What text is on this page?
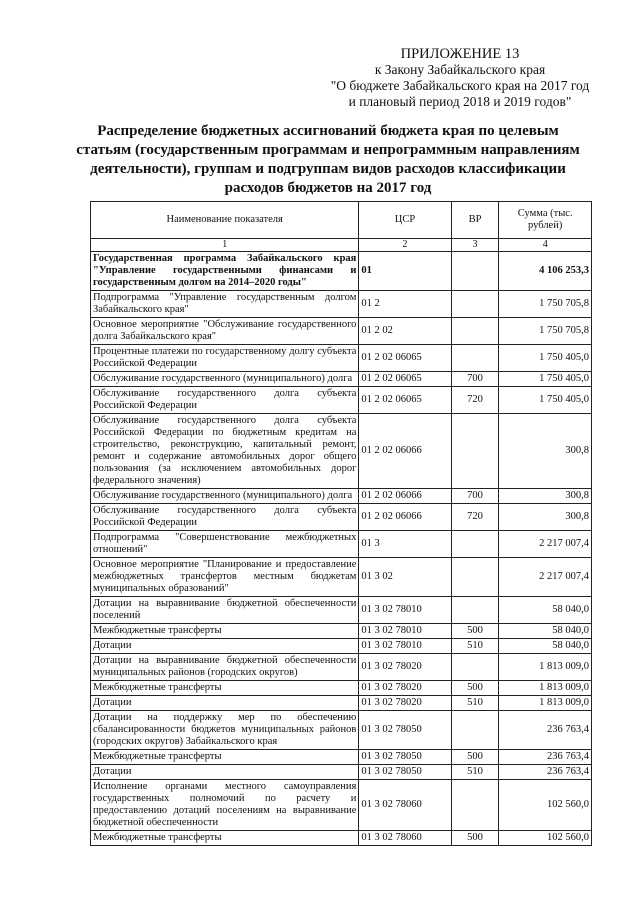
ПРИЛОЖЕНИЕ 13
к Закону Забайкальского края
"О бюджете Забайкальского края на 2017 год
и плановый период 2018 и 2019 годов"
Распределение бюджетных ассигнований бюджета края по целевым статьям (государственным программам и непрограммным направлениям деятельности), группам и подгруппам видов расходов классификации расходов бюджетов на 2017 год
Наименование показателя	ЦСР	ВР	Сумма (тыс. рублей)
1	2	3	4
Государственная программа Забайкальского края "Управление государственными финансами и государственным долгом на 2014–2020 годы"	01		4 106 253,3
Подпрограмма "Управление государственным долгом Забайкальского края"	01 2		1 750 705,8
Основное мероприятие "Обслуживание государственного долга Забайкальского края"	01 2 02		1 750 705,8
Процентные платежи по государственному долгу субъекта Российской Федерации	01 2 02 06065		1 750 405,0
Обслуживание государственного (муниципального) долга	01 2 02 06065	700	1 750 405,0
Обслуживание государственного долга субъекта Российской Федерации	01 2 02 06065	720	1 750 405,0
Обслуживание государственного долга субъекта Российской Федерации по бюджетным кредитам на строительство, реконструкцию, капитальный ремонт, ремонт и содержание автомобильных дорог общего пользования (за исключением автомобильных дорог федерального значения)	01 2 02 06066		300,8
Обслуживание государственного (муниципального) долга	01 2 02 06066	700	300,8
Обслуживание государственного долга субъекта Российской Федерации	01 2 02 06066	720	300,8
Подпрограмма "Совершенствование межбюджетных отношений"	01 3		2 217 007,4
Основное мероприятие "Планирование и предоставление межбюджетных трансфертов местным бюджетам муниципальных образований"	01 3 02		2 217 007,4
Дотации на выравнивание бюджетной обеспеченности поселений	01 3 02 78010		58 040,0
Межбюджетные трансферты	01 3 02 78010	500	58 040,0
Дотации	01 3 02 78010	510	58 040,0
Дотации на выравнивание бюджетной обеспеченности муниципальных районов (городских округов)	01 3 02 78020		1 813 009,0
Межбюджетные трансферты	01 3 02 78020	500	1 813 009,0
Дотации	01 3 02 78020	510	1 813 009,0
Дотации на поддержку мер по обеспечению сбалансированности бюджетов муниципальных районов (городских округов) Забайкальского края	01 3 02 78050		236 763,4
Межбюджетные трансферты	01 3 02 78050	500	236 763,4
Дотации	01 3 02 78050	510	236 763,4
Исполнение органами местного самоуправления государственных полномочий по расчету и предоставлению дотаций поселениям на выравнивание бюджетной обеспеченности	01 3 02 78060		102 560,0
Межбюджетные трансферты	01 3 02 78060	500	102 560,0
